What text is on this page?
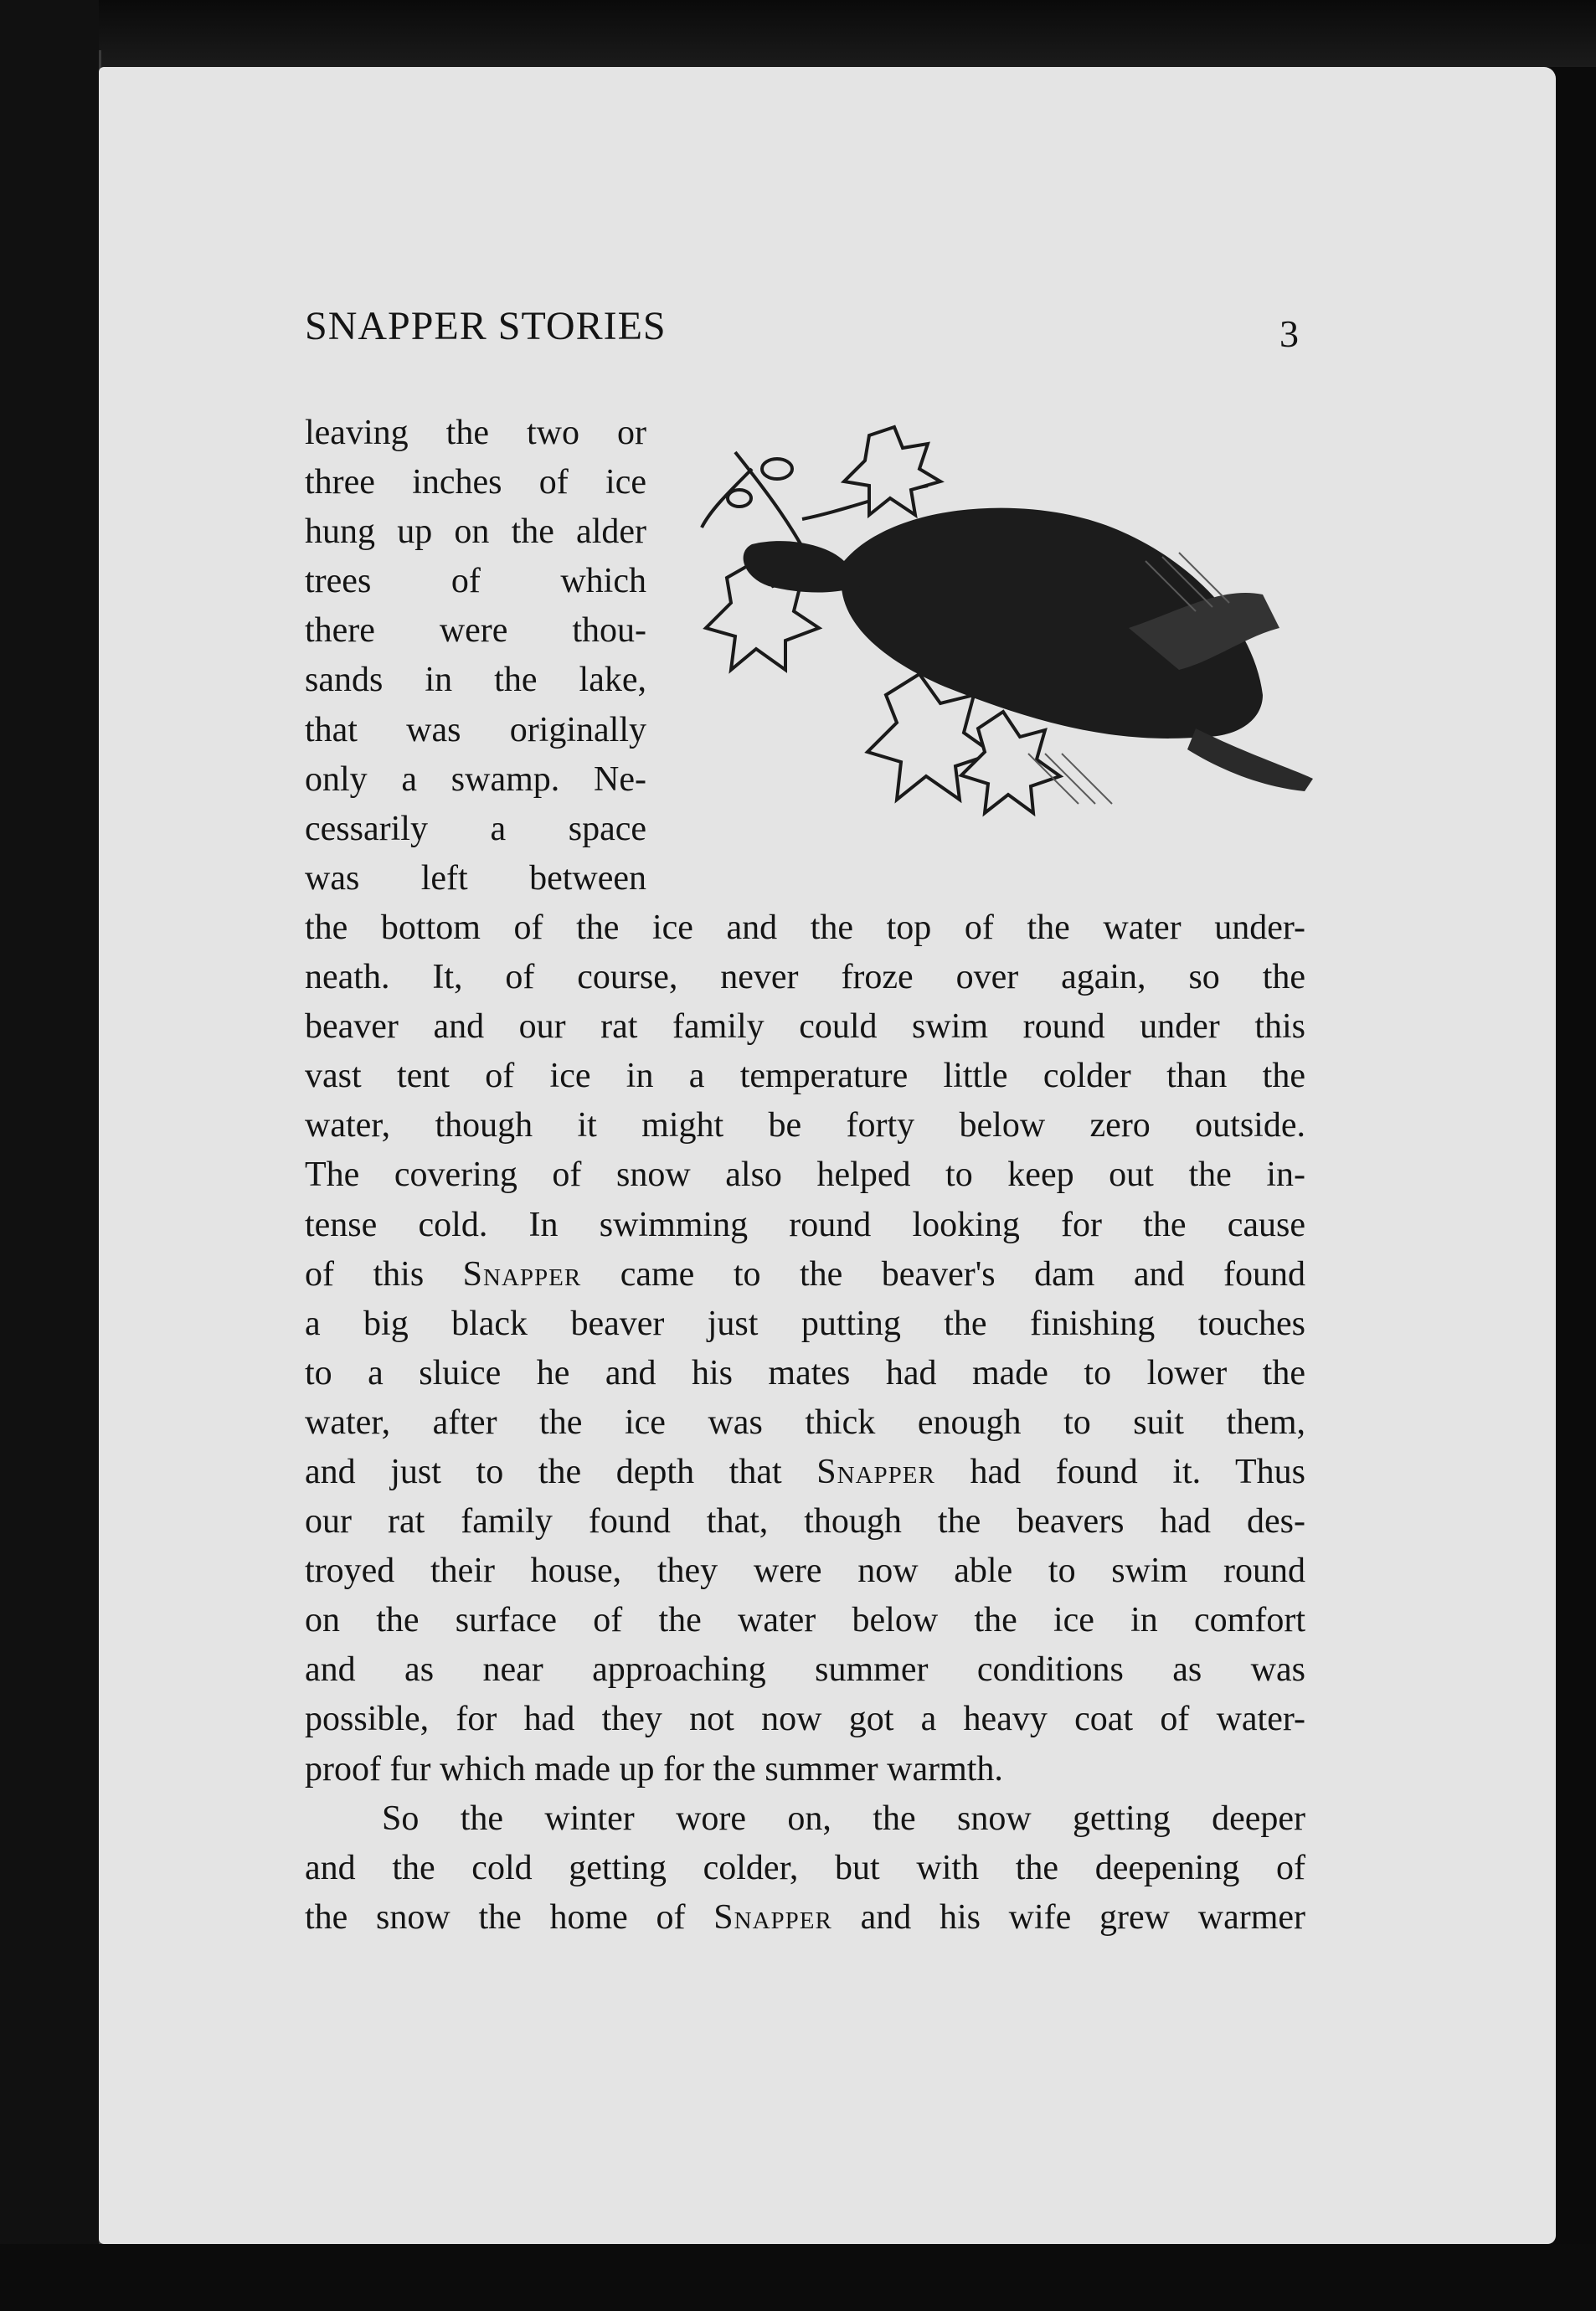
SNAPPER STORIES	3
leaving the two or
three inches of ice
hung up on the alder
trees of which
there were thou-
sands in the lake,
that was originally
only a swamp. Ne-
cessarily a space
was left between
the bottom of the ice and the top of the water under-
neath. It, of course, never froze over again, so the
beaver and our rat family could swim round under this
vast tent of ice in a temperature little colder than the
water, though it might be forty below zero outside.
The covering of snow also helped to keep out the in-
tense cold. In swimming round looking for the cause
of this Snapper came to the beaver's dam and found
a big black beaver just putting the finishing touches
to a sluice he and his mates had made to lower the
water, after the ice was thick enough to suit them,
and just to the depth that Snapper had found it. Thus
our rat family found that, though the beavers had des-
troyed their house, they were now able to swim round
on the surface of the water below the ice in comfort
and as near approaching summer conditions as was
possible, for had they not now got a heavy coat of water-
proof fur which made up for the summer warmth.
So the winter wore on, the snow getting deeper
and the cold getting colder, but with the deepening of
the snow the home of Snapper and his wife grew warmer
